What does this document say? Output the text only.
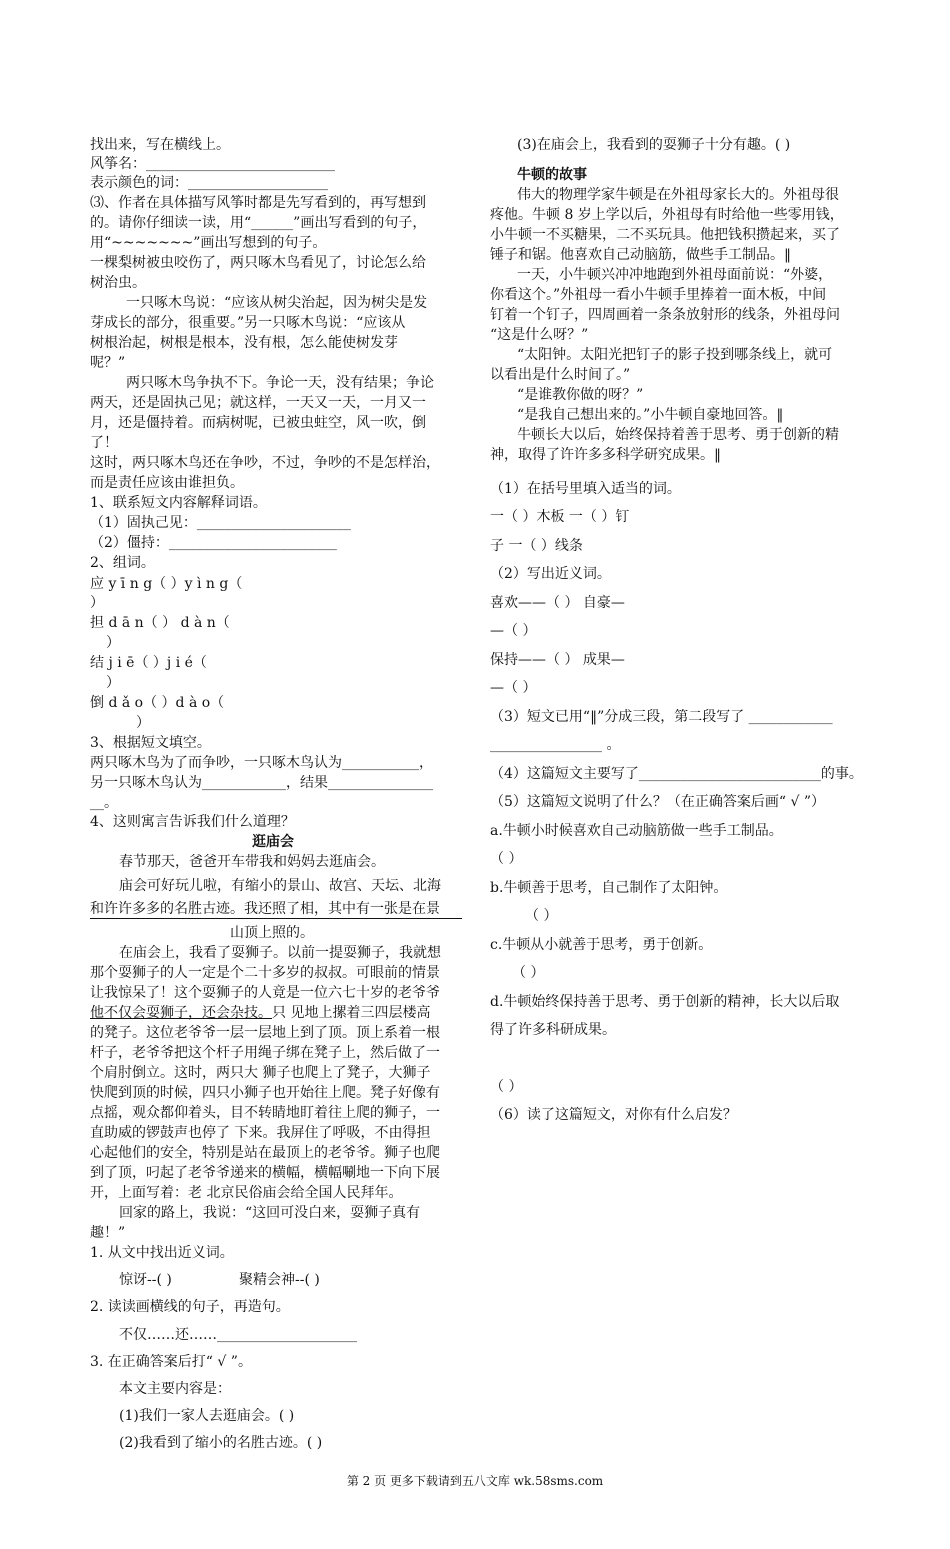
找出来，写在横线上。
风筝名：___________________________
表示颜色的词：____________________
⑶、作者在具体描写风筝时都是先写看到的，再写想到
的。请你仔细读一读，用“______”画出写看到的句子，
用“~~~~~~~”画出写想到的句子。
一棵梨树被虫咬伤了，两只啄木鸟看见了，讨论怎么给
树治虫。
一只啄木鸟说：“应该从树尖治起，因为树尖是发
芽成长的部分，很重要。”另一只啄木鸟说：“应该从
树根治起，树根是根本，没有根，怎么能使树发芽
呢？”
两只啄木鸟争执不下。争论一天，没有结果；争论
两天，还是固执己见；就这样，一天又一天，一月又一
月，还是僵持着。而病树呢，已被虫蛀空，风一吹，倒
了！
这时，两只啄木鸟还在争吵，不过，争吵的不是怎样治，
而是责任应该由谁担负。
1、联系短文内容解释词语。
（1）固执己见：______________________
（2）僵持：________________________
2、组词。
应 y ī n g（ ）y ì n g（
）
担 d ā n（ ） d à n（
）
结 j i ē（ ）j i é（
）
倒 d ǎ o（ ）d à o（
）
3、根据短文填空。
两只啄木鸟为了而争吵，一只啄木鸟认为___________，
另一只啄木鸟认为____________，结果_______________
__。
4、这则寓言告诉我们什么道理？
逛庙会
春节那天，爸爸开车带我和妈妈去逛庙会。
庙会可好玩儿啦，有缩小的景山、故宫、天坛、北海
和许许多多的名胜古迹。我还照了相，其中有一张是在景
山顶上照的。
在庙会上，我看了耍狮子。以前一提耍狮子，我就想
那个耍狮子的人一定是个二十多岁的叔叔。可眼前的情景
让我惊呆了！这个耍狮子的人竟是一位六七十岁的老爷爷
他不仅会耍狮子，还会杂技。只 见地上摞着三四层楼高
的凳子。这位老爷爷一层一层地上到了顶。顶上系着一根
杆子，老爷爷把这个杆子用绳子绑在凳子上，然后做了一
个肩肘倒立。这时，两只大 狮子也爬上了凳子，大狮子
快爬到顶的时候，四只小狮子也开始往上爬。凳子好像有
点摇，观众都仰着头，目不转睛地盯着往上爬的狮子，一
直助威的锣鼓声也停了 下来。我屏住了呼吸，不由得担
心起他们的安全，特别是站在最顶上的老爷爷。狮子也爬
到了顶，叼起了老爷爷递来的横幅，横幅唰地一下向下展
开，上面写着：老 北京民俗庙会给全国人民拜年。
回家的路上，我说：“这回可没白来，耍狮子真有
趣！”
1. 从文中找出近义词。
惊讶--( )	聚精会神--( )
2. 读读画横线的句子，再造句。
不仅……还……____________________
3. 在正确答案后打“ √ ”。
本文主要内容是：
(1)我们一家人去逛庙会。( )
(2)我看到了缩小的名胜古迹。( )
(3)在庙会上，我看到的耍狮子十分有趣。( )
牛顿的故事
伟大的物理学家牛顿是在外祖母家长大的。外祖母很
疼他。牛顿 8 岁上学以后，外祖母有时给他一些零用钱，
小牛顿一不买糖果，二不买玩具。他把钱积攒起来，买了
锤子和锯。他喜欢自己动脑筋，做些手工制品。‖
一天，小牛顿兴冲冲地跑到外祖母面前说：“外婆，
你看这个。”外祖母一看小牛顿手里捧着一面木板，中间
钉着一个钉子，四周画着一条条放射形的线条，外祖母问
“这是什么呀？”
“太阳钟。太阳光把钉子的影子投到哪条线上，就可
以看出是什么时间了。”
“是谁教你做的呀？”
“是我自己想出来的。”小牛顿自豪地回答。‖
牛顿长大以后，始终保持着善于思考、勇于创新的精
神，取得了许许多多科学研究成果。‖
（1）在括号里填入适当的词。
一（ ）木板 一（ ）钉
子 一（ ）线条
（2）写出近义词。
喜欢——（ ） 自豪—
—（ ）
保持——（ ） 成果—
—（ ）
（3）短文已用“‖”分成三段，第二段写了 ____________
________________ 。
（4）这篇短文主要写了__________________________的事。
（5）这篇短文说明了什么？（在正确答案后画“ √ ”）
a.牛顿小时候喜欢自己动脑筋做一些手工制品。
（ ）
b.牛顿善于思考，自己制作了太阳钟。
（ ）
c.牛顿从小就善于思考，勇于创新。
（ ）
d.牛顿始终保持善于思考、勇于创新的精神，长大以后取
得了许多科研成果。
（ ）
（6）读了这篇短文，对你有什么启发？
第 2 页 更多下载请到五八文库 wk.58sms.com
